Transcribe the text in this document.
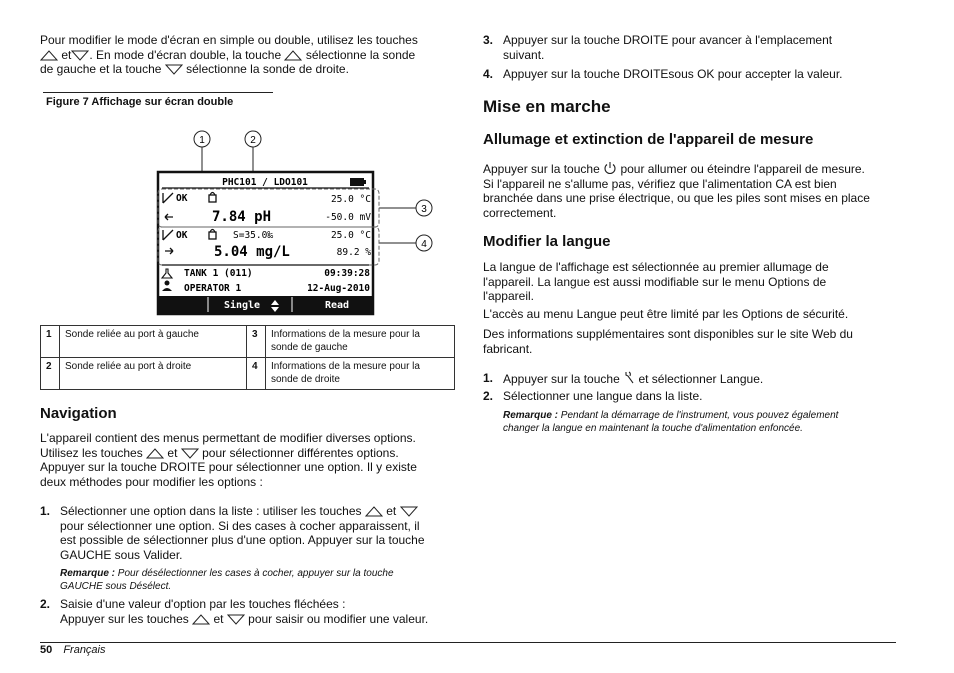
Pour modifier le mode d'écran en simple ou double, utilisez les touches
et . En mode d'écran double, la touche sélectionne la sonde
de gauche et la touche sélectionne la sonde de droite.

Figure 7 Affichage sur écran double
1	2
3
4
PHC101 / LDO101
OK	25.0 °C
7.84 pH	-50.0 mV
OK	S=35.0‰	25.0 °C
5.04 mg/L	89.2 %
TANK 1 (011)	09:39:28
OPERATOR 1	12-Aug-2010
Single	Read
1	Sonde reliée au port à gauche	3	Informations de la mesure pour la sonde de gauche
2	Sonde reliée au port à droite	4	Informations de la mesure pour la sonde de droite
Navigation

L'appareil contient des menus permettant de modifier diverses options.
Utilisez les touches et pour sélectionner différentes options.
Appuyer sur la touche DROITE pour sélectionner une option. Il y existe
deux méthodes pour modifier les options :

1. Sélectionner une option dans la liste : utiliser les touches et
pour sélectionner une option. Si des cases à cocher apparaissent, il
est possible de sélectionner plus d'une option. Appuyer sur la touche
GAUCHE sous Valider.
Remarque : Pour désélectionner les cases à cocher, appuyer sur la touche
GAUCHE sous Désélect.
2. Saisie d'une valeur d'option par les touches fléchées :
Appuyer sur les touches et pour saisir ou modifier une valeur.
3. Appuyer sur la touche DROITE pour avancer à l'emplacement
suivant.
4. Appuyer sur la touche DROITEsous OK pour accepter la valeur.
Mise en marche
Allumage et extinction de l'appareil de mesure

Appuyer sur la touche pour allumer ou éteindre l'appareil de mesure.
Si l'appareil ne s'allume pas, vérifiez que l'alimentation CA est bien
branchée dans une prise électrique, ou que les piles sont mises en place
correctement.

Modifier la langue

La langue de l'affichage est sélectionnée au premier allumage de
l'appareil. La langue est aussi modifiable sur le menu Options de
l'appareil.

L'accès au menu Langue peut être limité par les Options de sécurité.

Des informations supplémentaires sont disponibles sur le site Web du
fabricant.

1. Appuyer sur la touche et sélectionner Langue.
2. Sélectionner une langue dans la liste.
Remarque : Pendant la démarrage de l'instrument, vous pouvez également
changer la langue en maintenant la touche d'alimentation enfoncée.
50 Français
